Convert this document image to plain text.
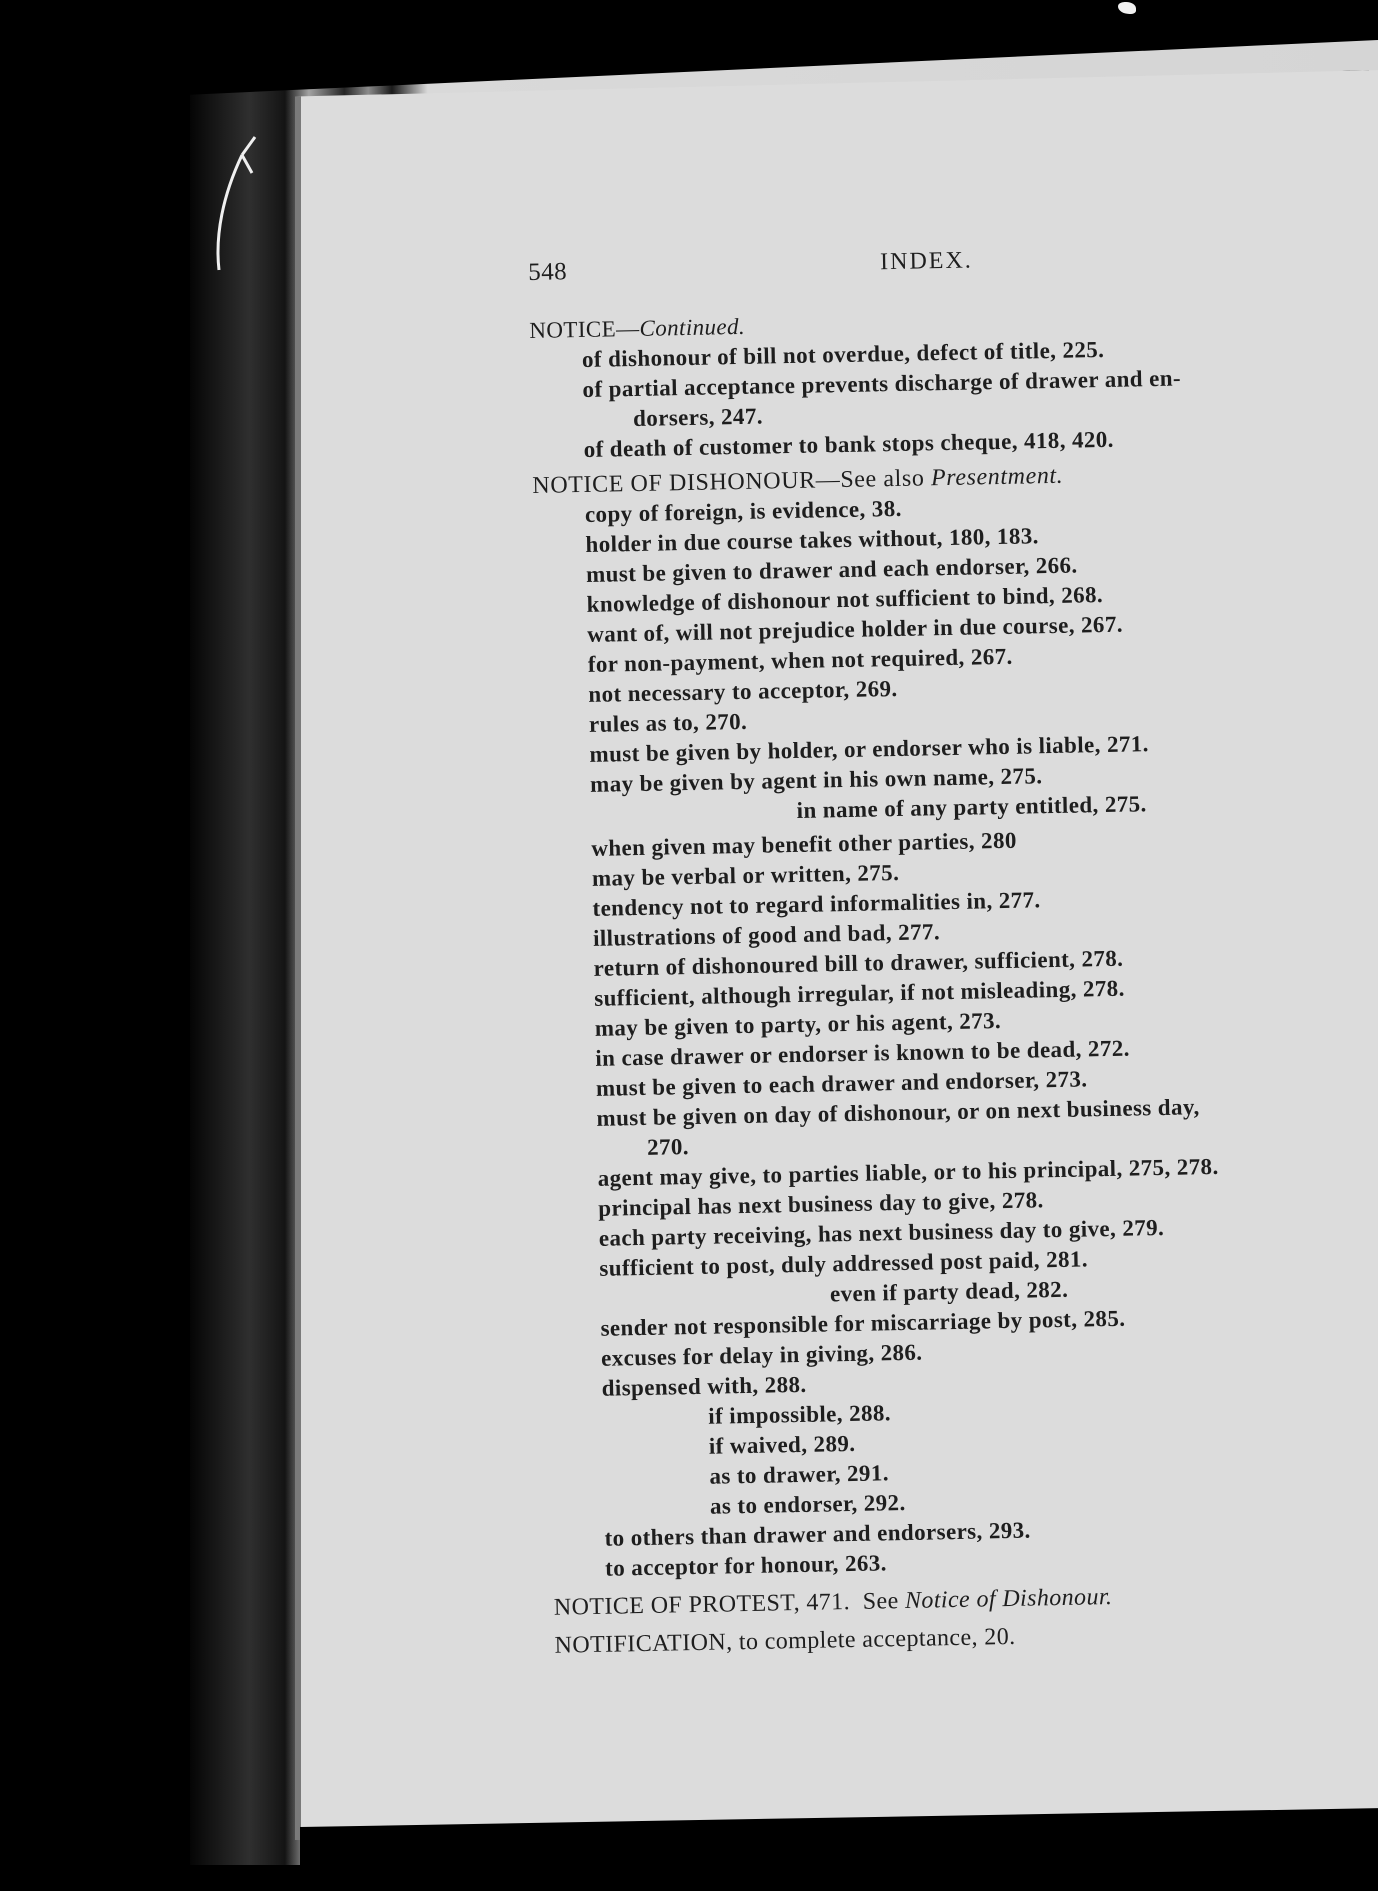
548	INDEX.
NOTICE—Continued.
of dishonour of bill not overdue, defect of title, 225.
of partial acceptance prevents discharge of drawer and en-
dorsers, 247.
of death of customer to bank stops cheque, 418, 420.
NOTICE OF DISHONOUR—See also Presentment.
copy of foreign, is evidence, 38.
holder in due course takes without, 180, 183.
must be given to drawer and each endorser, 266.
knowledge of dishonour not sufficient to bind, 268.
want of, will not prejudice holder in due course, 267.
for non-payment, when not required, 267.
not necessary to acceptor, 269.
rules as to, 270.
must be given by holder, or endorser who is liable, 271.
may be given by agent in his own name, 275.
in name of any party entitled, 275.
when given may benefit other parties, 280
may be verbal or written, 275.
tendency not to regard informalities in, 277.
illustrations of good and bad, 277.
return of dishonoured bill to drawer, sufficient, 278.
sufficient, although irregular, if not misleading, 278.
may be given to party, or his agent, 273.
in case drawer or endorser is known to be dead, 272.
must be given to each drawer and endorser, 273.
must be given on day of dishonour, or on next business day,
270.
agent may give, to parties liable, or to his principal, 275, 278.
principal has next business day to give, 278.
each party receiving, has next business day to give, 279.
sufficient to post, duly addressed post paid, 281.
even if party dead, 282.
sender not responsible for miscarriage by post, 285.
excuses for delay in giving, 286.
dispensed with, 288.
if impossible, 288.
if waived, 289.
as to drawer, 291.
as to endorser, 292.
to others than drawer and endorsers, 293.
to acceptor for honour, 263.
NOTICE OF PROTEST, 471.  See Notice of Dishonour.
NOTIFICATION, to complete acceptance, 20.
